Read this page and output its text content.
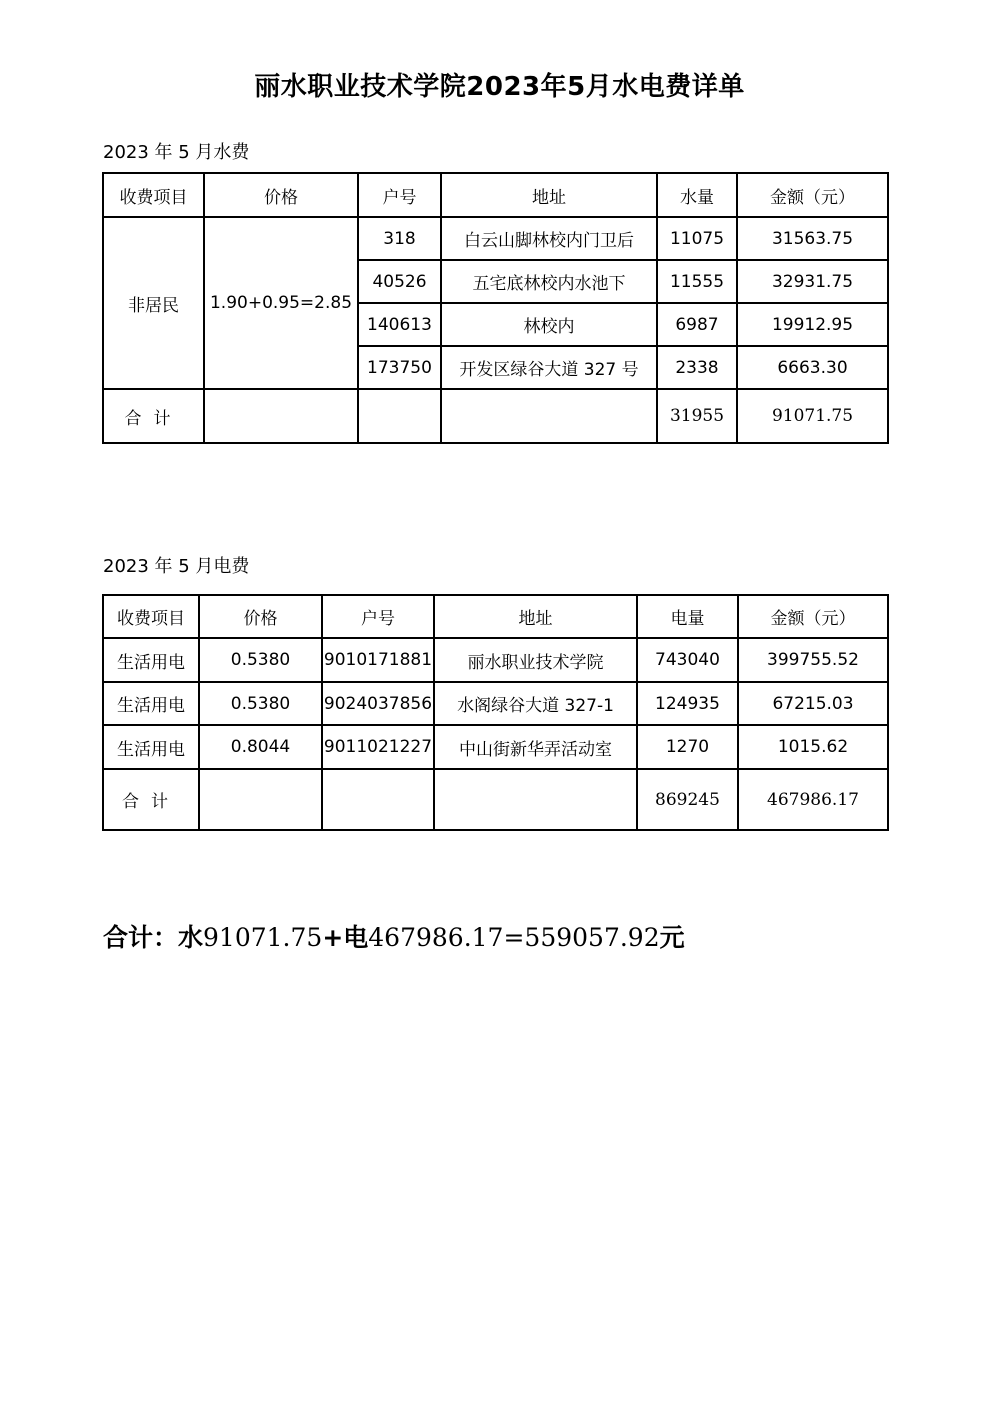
丽水职业技术学院2023年5月水电费详单
2023 年 5 月水费
收费项目	价格	户号	地址	水量	金额（元）
非居民	1.90+0.95=2.85	318	白云山脚林校内门卫后	11075	31563.75
		40526	五宅底林校内水池下	11555	32931.75
		140613	林校内	6987	19912.95
		173750	开发区绿谷大道 327 号	2338	6663.30
合计				31955	91071.75
2023 年 5 月电费
收费项目	价格	户号	地址	电量	金额（元）
生活用电	0.5380	9010171881	丽水职业技术学院	743040	399755.52
生活用电	0.5380	9024037856	水阁绿谷大道 327-1	124935	67215.03
生活用电	0.8044	9011021227	中山街新华弄活动室	1270	1015.62
合计				869245	467986.17
合计：水91071.75+电467986.17=559057.92元
